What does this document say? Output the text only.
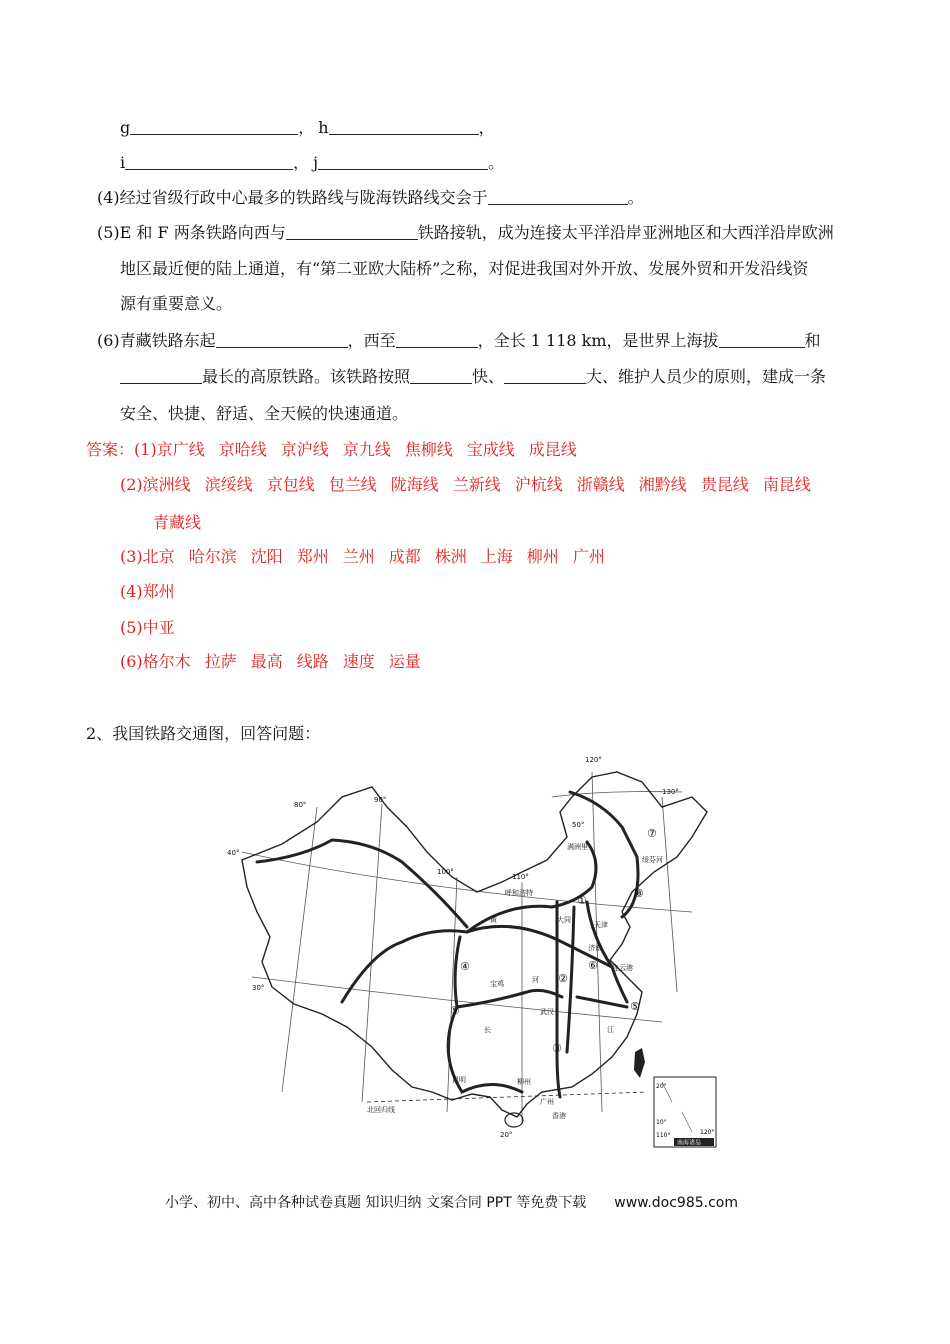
g	， h	，
i	， j	。
(4)经过省级行政中心最多的铁路线与陇海铁路线交会于	。
(5)E 和 F 两条铁路向西与	铁路接轨，成为连接太平洋沿岸亚洲地区和大西洋沿岸欧洲
地区最近便的陆上通道，有“第二亚欧大陆桥”之称，对促进我国对外开放、发展外贸和开发沿线资
源有重要意义。
(6)青藏铁路东起	，西至	，全长 1 118 km，是世界上海拔	和
最长的高原铁路。该铁路按照	快、	大、维护人员少的原则，建成一条
安全、快捷、舒适、全天候的快速通道。
答案：(1)京广线 京哈线 京沪线 京九线 焦柳线 宝成线 成昆线
(2)滨洲线 滨绥线 京包线 包兰线 陇海线 兰新线 沪杭线 浙赣线 湘黔线 贵昆线 南昆线
青藏线
(3)北京 哈尔滨 沈阳 郑州 兰州 成都 株洲 上海 柳州 广州
(4)郑州
(5)中亚
(6)格尔木 拉萨 最高 线路 速度 运量
2、我国铁路交通图，回答问题：
80°
90°
100°
110°
120°
130°
40°
30°
20°
50°
满洲里
绥芬河
呼和浩特
大同
天津
济南
连云港
宝鸡
武汉
昆明	柳州
广州
香港
黄
河
长	江
北回归线
①
②
③
④
⑤
⑥
⑦
⑧
⑨
南海诸岛
20°
10°
110°	120°
小学、初中、高中各种试卷真题 知识归纳 文案合同 PPT 等免费下载 www.doc985.com
